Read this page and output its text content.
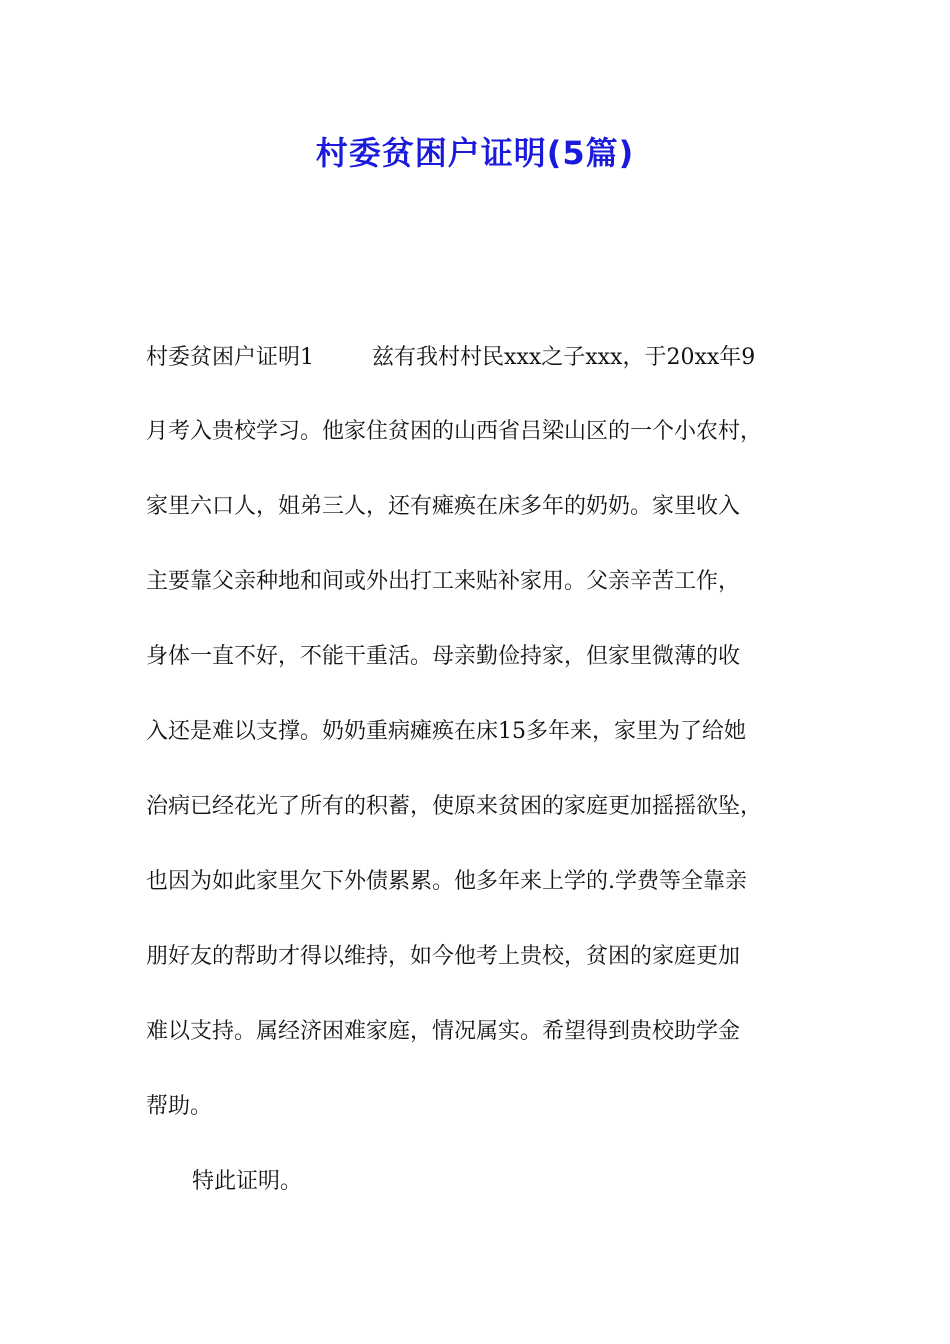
村委贫困户证明(5篇)

村委贫困户证明1	兹有我村村民xxx之子xxx，于20xx年9

月考入贵校学习。他家住贫困的山西省吕梁山区的一个小农村，

家里六口人，姐弟三人，还有瘫痪在床多年的奶奶。家里收入

主要靠父亲种地和间或外出打工来贴补家用。父亲辛苦工作，

身体一直不好，不能干重活。母亲勤俭持家，但家里微薄的收

入还是难以支撑。奶奶重病瘫痪在床15多年来，家里为了给她

治病已经花光了所有的积蓄，使原来贫困的家庭更加摇摇欲坠，

也因为如此家里欠下外债累累。他多年来上学的.学费等全靠亲

朋好友的帮助才得以维持，如今他考上贵校，贫困的家庭更加

难以支持。属经济困难家庭，情况属实。希望得到贵校助学金

帮助。

特此证明。
